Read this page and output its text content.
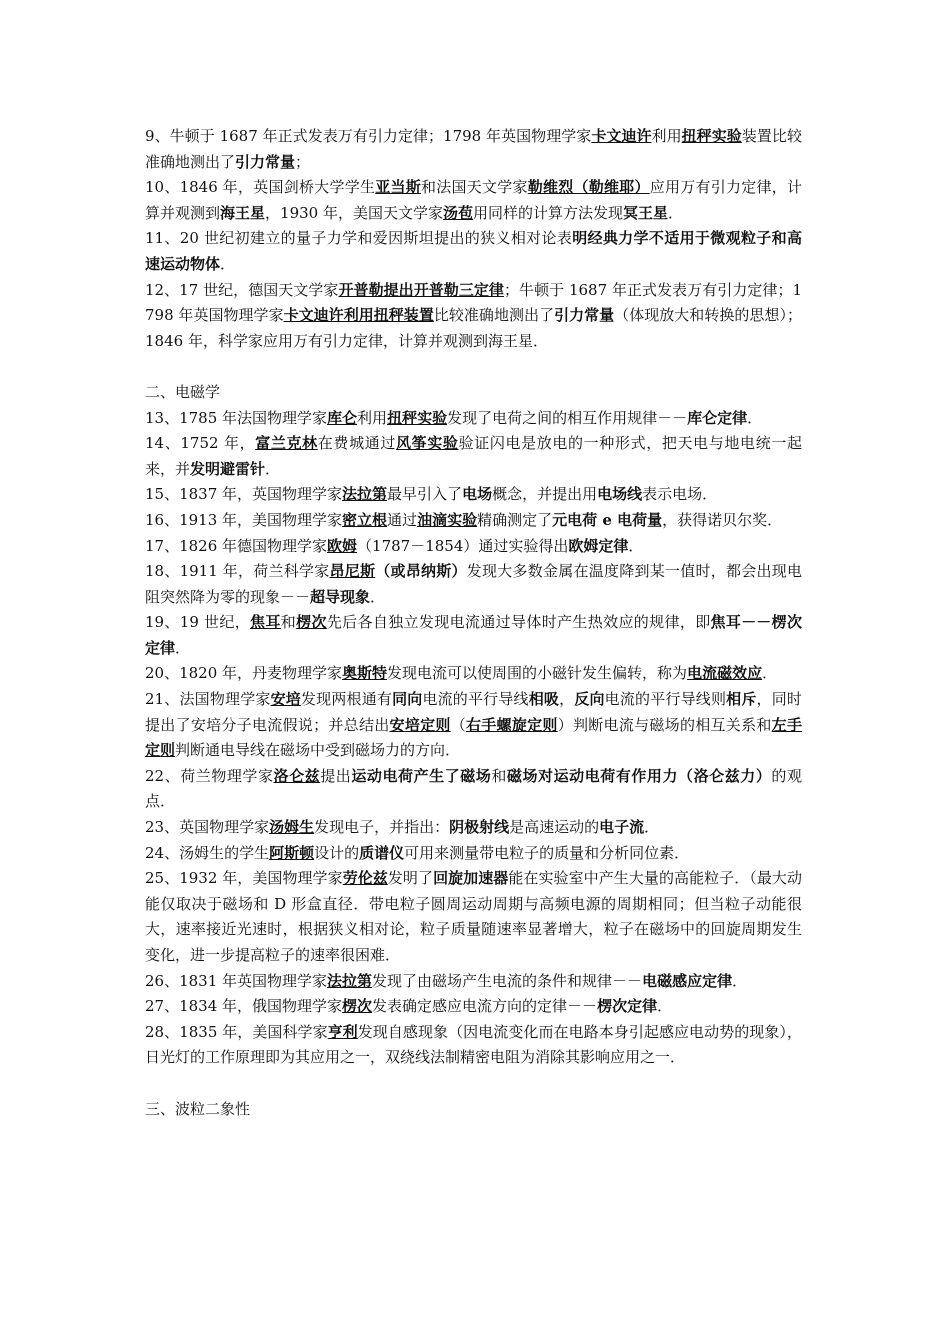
9、牛顿于 1687 年正式发表万有引力定律；1798 年英国物理学家卡文迪许利用扭秤实验装置比较准确地测出了引力常量；
10、1846 年，英国剑桥大学学生亚当斯和法国天文学家勒维烈（勒维耶）应用万有引力定律，计算并观测到海王星，1930 年，美国天文学家汤苞用同样的计算方法发现冥王星．
11、20 世纪初建立的量子力学和爱因斯坦提出的狭义相对论表明经典力学不适用于微观粒子和高速运动物体．
12、17 世纪，德国天文学家开普勒提出开普勒三定律；牛顿于 1687 年正式发表万有引力定律；1798 年英国物理学家卡文迪许利用扭秤装置比较准确地测出了引力常量（体现放大和转换的思想）；1846 年，科学家应用万有引力定律，计算并观测到海王星．
二、电磁学
13、1785 年法国物理学家库仑利用扭秤实验发现了电荷之间的相互作用规律－－库仑定律．
14、1752 年，富兰克林在费城通过风筝实验验证闪电是放电的一种形式，把天电与地电统一起来，并发明避雷针．
15、1837 年，英国物理学家法拉第最早引入了电场概念，并提出用电场线表示电场．
16、1913 年，美国物理学家密立根通过油滴实验精确测定了元电荷 e 电荷量，获得诺贝尔奖．
17、1826 年德国物理学家欧姆（1787－1854）通过实验得出欧姆定律．
18、1911 年，荷兰科学家昂尼斯（或昂纳斯）发现大多数金属在温度降到某一值时，都会出现电阻突然降为零的现象－－超导现象．
19、19 世纪，焦耳和楞次先后各自独立发现电流通过导体时产生热效应的规律，即焦耳－－楞次定律．
20、1820 年，丹麦物理学家奥斯特发现电流可以使周围的小磁针发生偏转，称为电流磁效应．
21、法国物理学家安培发现两根通有同向电流的平行导线相吸，反向电流的平行导线则相斥，同时提出了安培分子电流假说；并总结出安培定则（右手螺旋定则）判断电流与磁场的相互关系和左手定则判断通电导线在磁场中受到磁场力的方向．
22、荷兰物理学家洛仑兹提出运动电荷产生了磁场和磁场对运动电荷有作用力（洛仑兹力）的观点．
23、英国物理学家汤姆生发现电子，并指出：阴极射线是高速运动的电子流．
24、汤姆生的学生阿斯顿设计的质谱仪可用来测量带电粒子的质量和分析同位素．
25、1932 年，美国物理学家劳伦兹发明了回旋加速器能在实验室中产生大量的高能粒子．（最大动能仅取决于磁场和 D 形盒直径．带电粒子圆周运动周期与高频电源的周期相同；但当粒子动能很大，速率接近光速时，根据狭义相对论，粒子质量随速率显著增大，粒子在磁场中的回旋周期发生变化，进一步提高粒子的速率很困难．
26、1831 年英国物理学家法拉第发现了由磁场产生电流的条件和规律－－电磁感应定律．
27、1834 年，俄国物理学家楞次发表确定感应电流方向的定律－－楞次定律．
28、1835 年，美国科学家亨利发现自感现象（因电流变化而在电路本身引起感应电动势的现象），日光灯的工作原理即为其应用之一，双绕线法制精密电阻为消除其影响应用之一．
三、波粒二象性
